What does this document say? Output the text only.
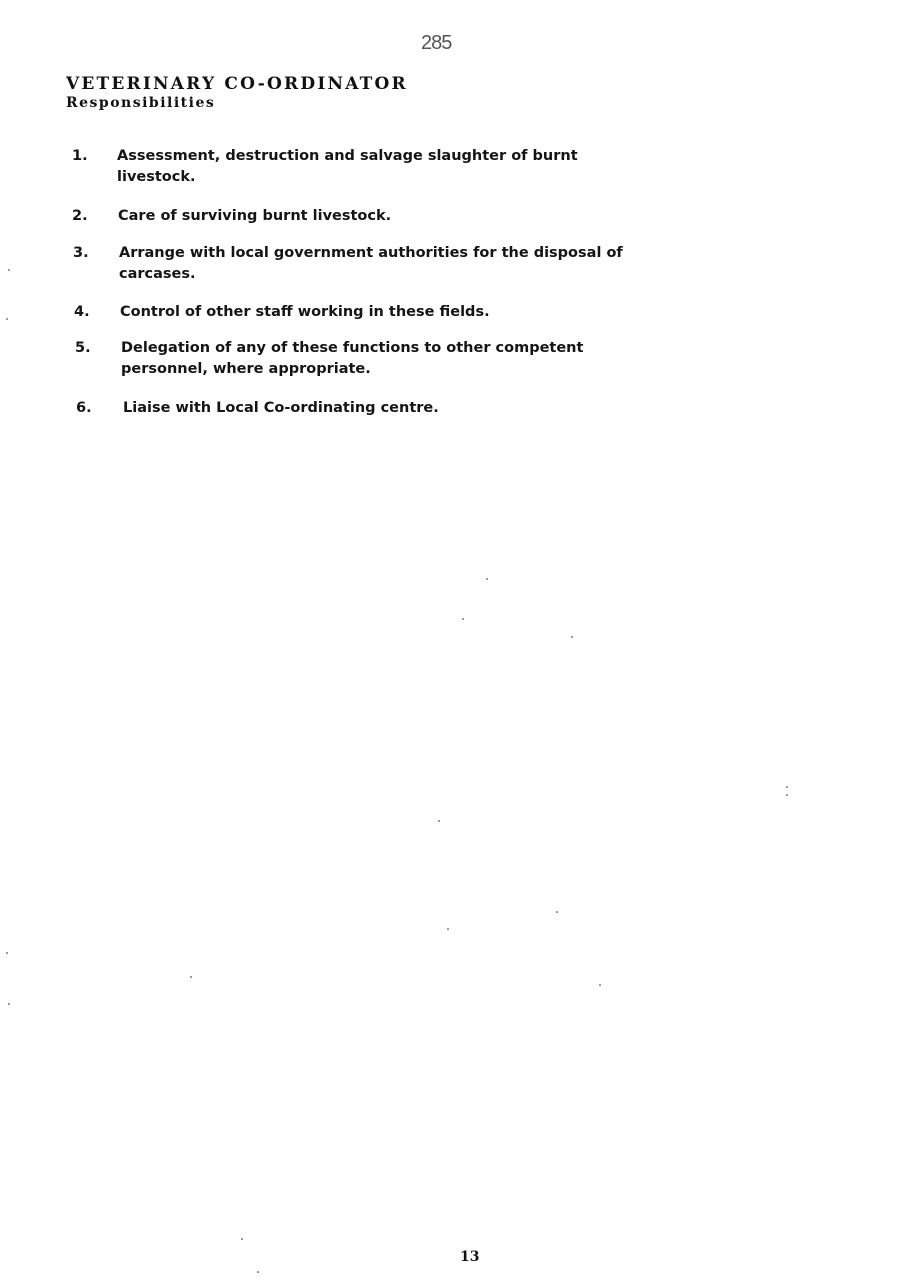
285
VETERINARY CO-ORDINATOR
Responsibilities
1. Assessment, destruction and salvage slaughter of burnt
livestock.
2. Care of surviving burnt livestock.
3. Arrange with local government authorities for the disposal of
carcases.
4. Control of other staff working in these fields.
5. Delegation of any of these functions to other competent
personnel, where appropriate.
6. Liaise with Local Co-ordinating centre.
13
